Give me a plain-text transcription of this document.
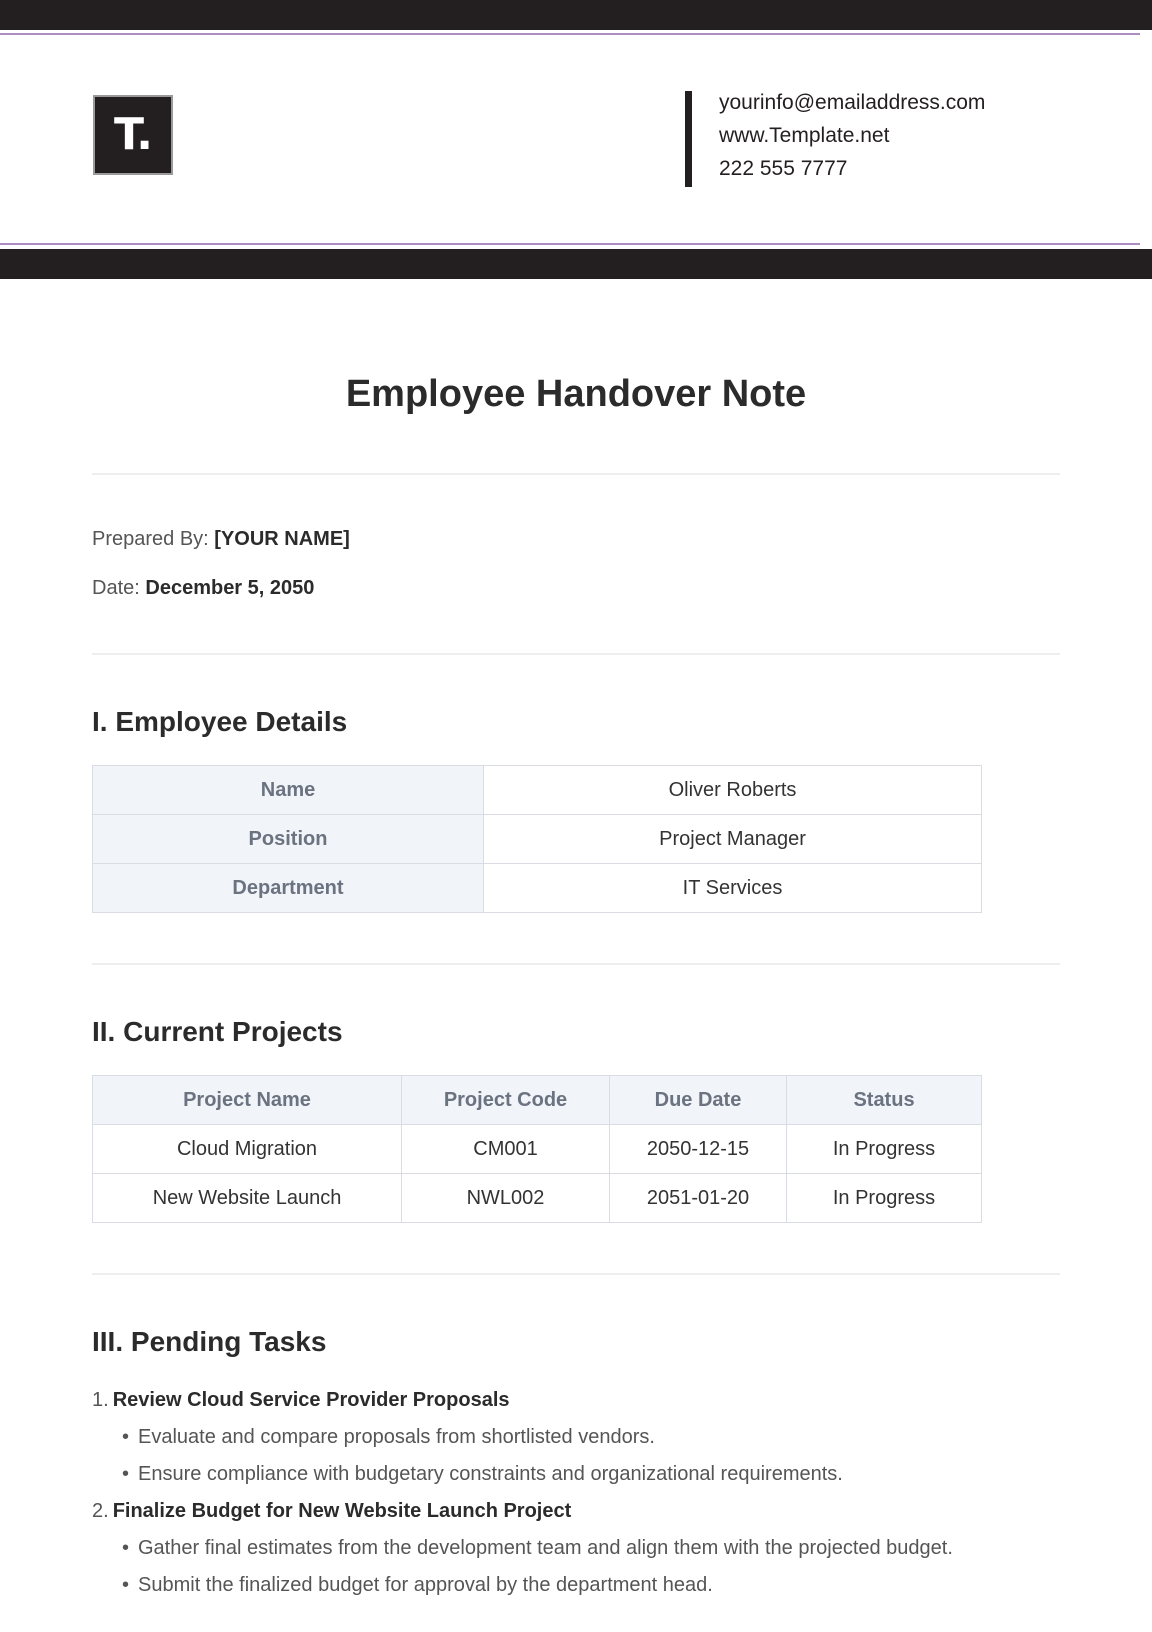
T.
yourinfo@emailaddress.com
www.Template.net
222 555 7777
Employee Handover Note
Prepared By: [YOUR NAME]
Date: December 5, 2050
I. Employee Details
Name	Oliver Roberts
Position	Project Manager
Department	IT Services
II. Current Projects
Project Name	Project Code	Due Date	Status
Cloud Migration	CM001	2050-12-15	In Progress
New Website Launch	NWL002	2051-01-20	In Progress
III. Pending Tasks
1. Review Cloud Service Provider Proposals
• Evaluate and compare proposals from shortlisted vendors.
• Ensure compliance with budgetary constraints and organizational requirements.
2. Finalize Budget for New Website Launch Project
• Gather final estimates from the development team and align them with the projected budget.
• Submit the finalized budget for approval by the department head.
